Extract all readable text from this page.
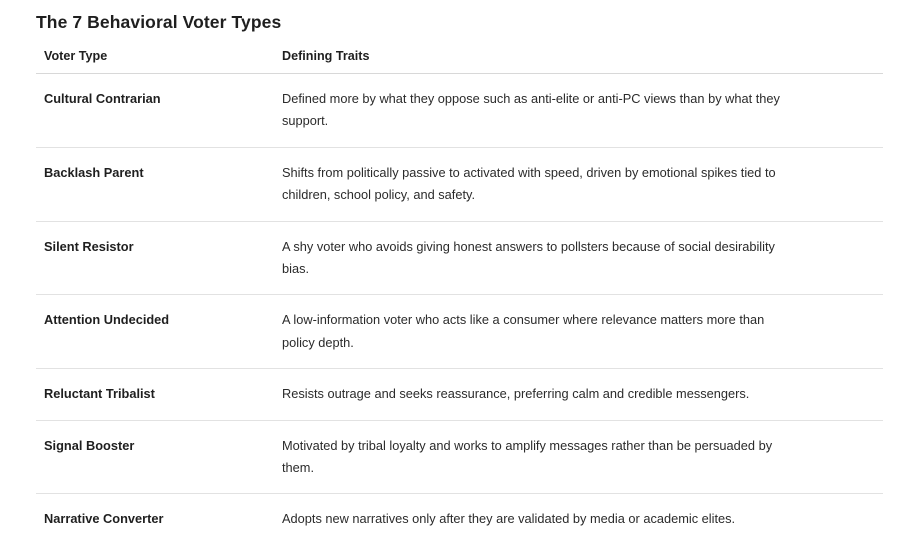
The 7 Behavioral Voter Types
Voter Type	Defining Traits
Cultural Contrarian	Defined more by what they oppose such as anti-elite or anti-PC views than by what they support.
Backlash Parent	Shifts from politically passive to activated with speed, driven by emotional spikes tied to children, school policy, and safety.
Silent Resistor	A shy voter who avoids giving honest answers to pollsters because of social desirability bias.
Attention Undecided	A low-information voter who acts like a consumer where relevance matters more than policy depth.
Reluctant Tribalist	Resists outrage and seeks reassurance, preferring calm and credible messengers.
Signal Booster	Motivated by tribal loyalty and works to amplify messages rather than be persuaded by them.
Narrative Converter	Adopts new narratives only after they are validated by media or academic elites.
